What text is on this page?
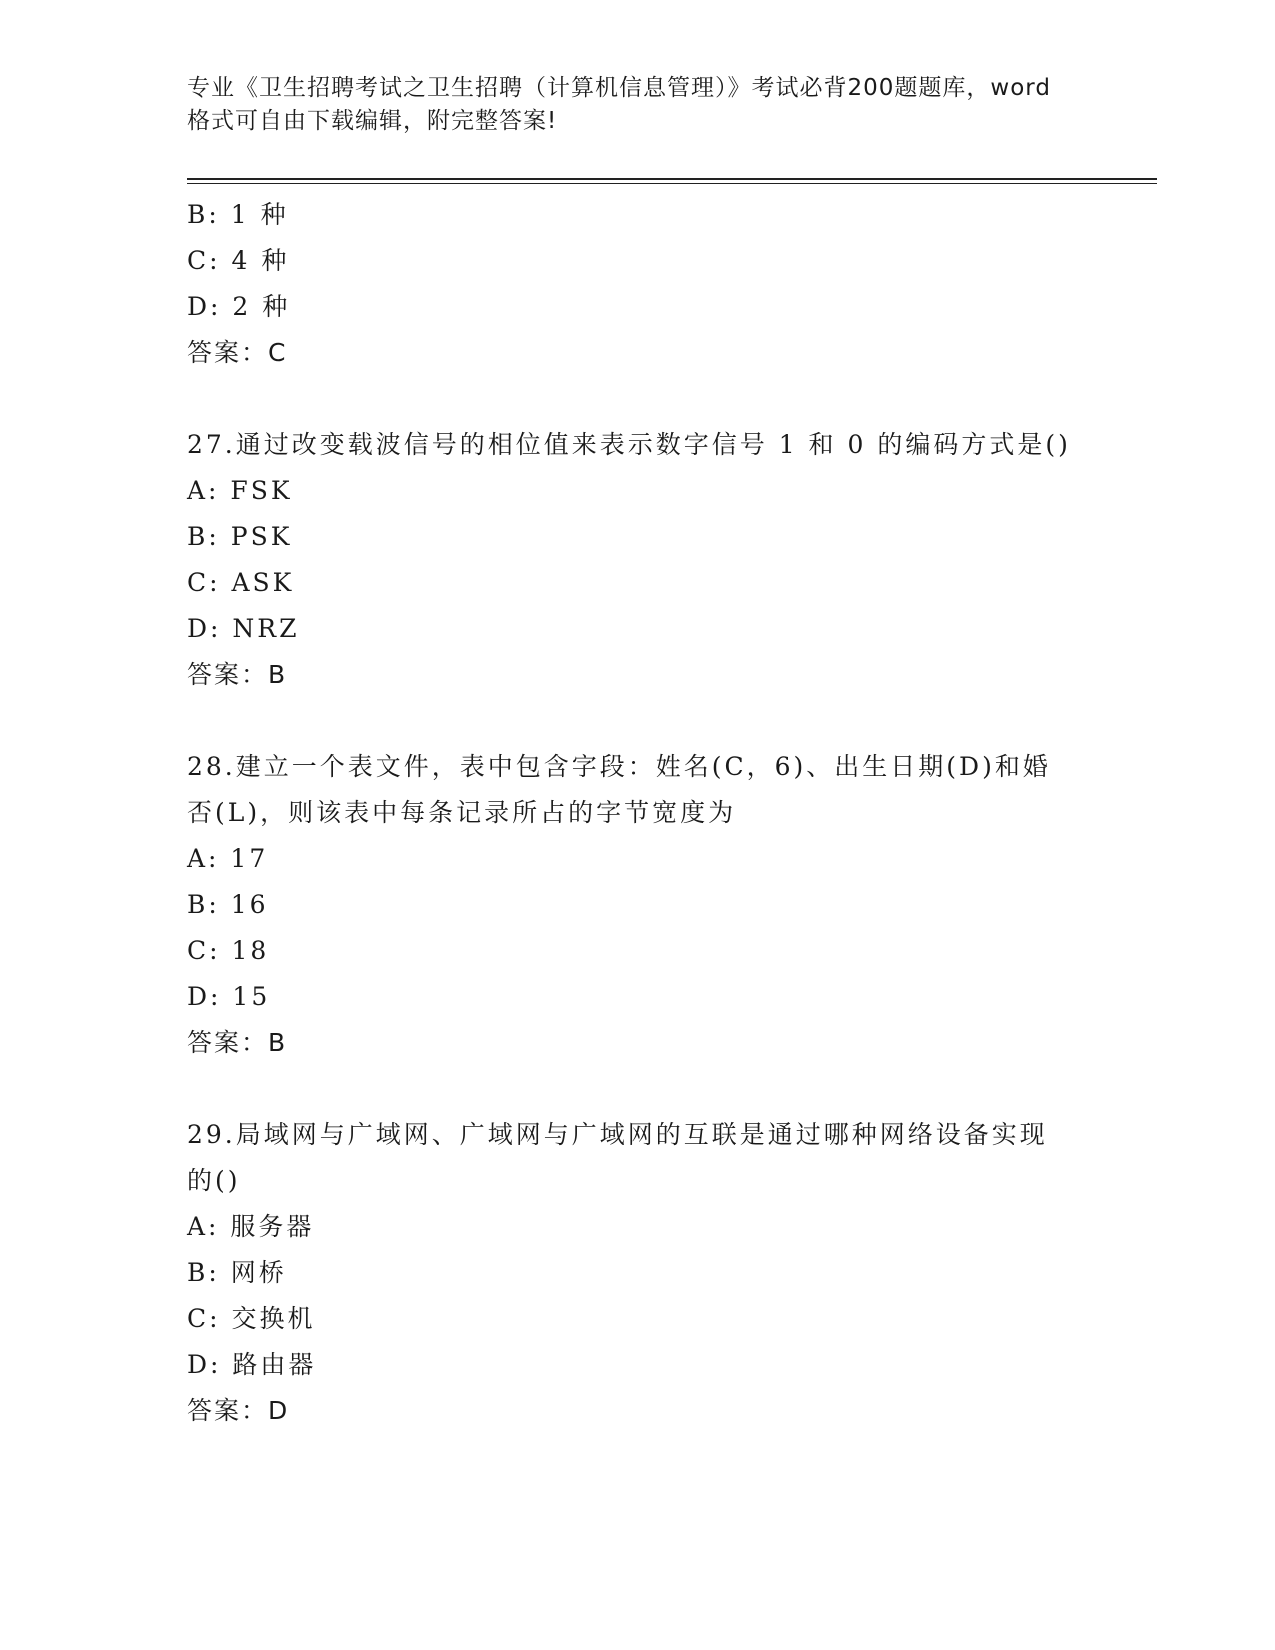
专业《卫生招聘考试之卫生招聘（计算机信息管理）》考试必背200题题库，word
格式可自由下载编辑，附完整答案!
B: 1 种
C: 4 种
D: 2 种
答案：C
27.通过改变载波信号的相位值来表示数字信号 1 和 0 的编码方式是()
A: FSK
B: PSK
C: ASK
D: NRZ
答案：B
28.建立一个表文件，表中包含字段：姓名(C，6)、出生日期(D)和婚
否(L)，则该表中每条记录所占的字节宽度为
A: 17
B: 16
C: 18
D: 15
答案：B
29.局域网与广域网、广域网与广域网的互联是通过哪种网络设备实现
的()
A: 服务器
B: 网桥
C: 交换机
D: 路由器
答案：D
